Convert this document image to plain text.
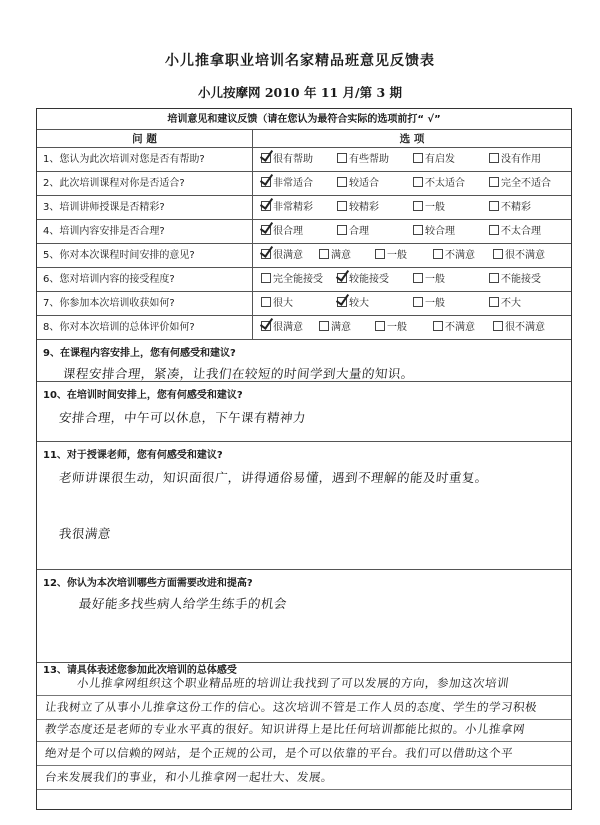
小儿推拿职业培训名家精品班意见反馈表
小儿按摩网 2010 年 11 月/第 3 期
培训意见和建议反馈（请在您认为最符合实际的选项前打“ √”
问 题	选 项
1、您认为此次培训对您是否有帮助?	很有帮助	有些帮助	有启发	没有作用
2、此次培训课程对你是否适合?	非常适合	较适合	不太适合	完全不适合
3、培训讲师授课是否精彩?	非常精彩	较精彩	一般	不精彩
4、培训内容安排是否合理?	很合理	合理	较合理	不太合理
5、你对本次课程时间安排的意见?	很满意	满意	一般	不满意	很不满意
6、您对培训内容的接受程度?	完全能接受	较能接受	一般	不能接受
7、你参加本次培训收获如何?	很大	较大	一般	不大
8、你对本次培训的总体评价如何?	很满意	满意	一般	不满意	很不满意
9、在课程内容安排上，您有何感受和建议?
课程安排合理，紧凑，让我们在较短的时间学到大量的知识。
10、在培训时间安排上，您有何感受和建议?
安排合理，中午可以休息，下午课有精神力
11、对于授课老师，您有何感受和建议?
老师讲课很生动，知识面很广，讲得通俗易懂，遇到不理解的能及时重复。
我很满意
12、你认为本次培训哪些方面需要改进和提高?
最好能多找些病人给学生练手的机会
13、请具体表述您参加此次培训的总体感受
小儿推拿网组织这个职业精品班的培训让我找到了可以发展的方向，参加这次培训
让我树立了从事小儿推拿这份工作的信心。这次培训不管是工作人员的态度、学生的学习积极
教学态度还是老师的专业水平真的很好。知识讲得上是比任何培训都能比拟的。小儿推拿网
绝对是个可以信赖的网站，是个正规的公司，是个可以依靠的平台。我们可以借助这个平
台来发展我们的事业，和小儿推拿网一起壮大、发展。
